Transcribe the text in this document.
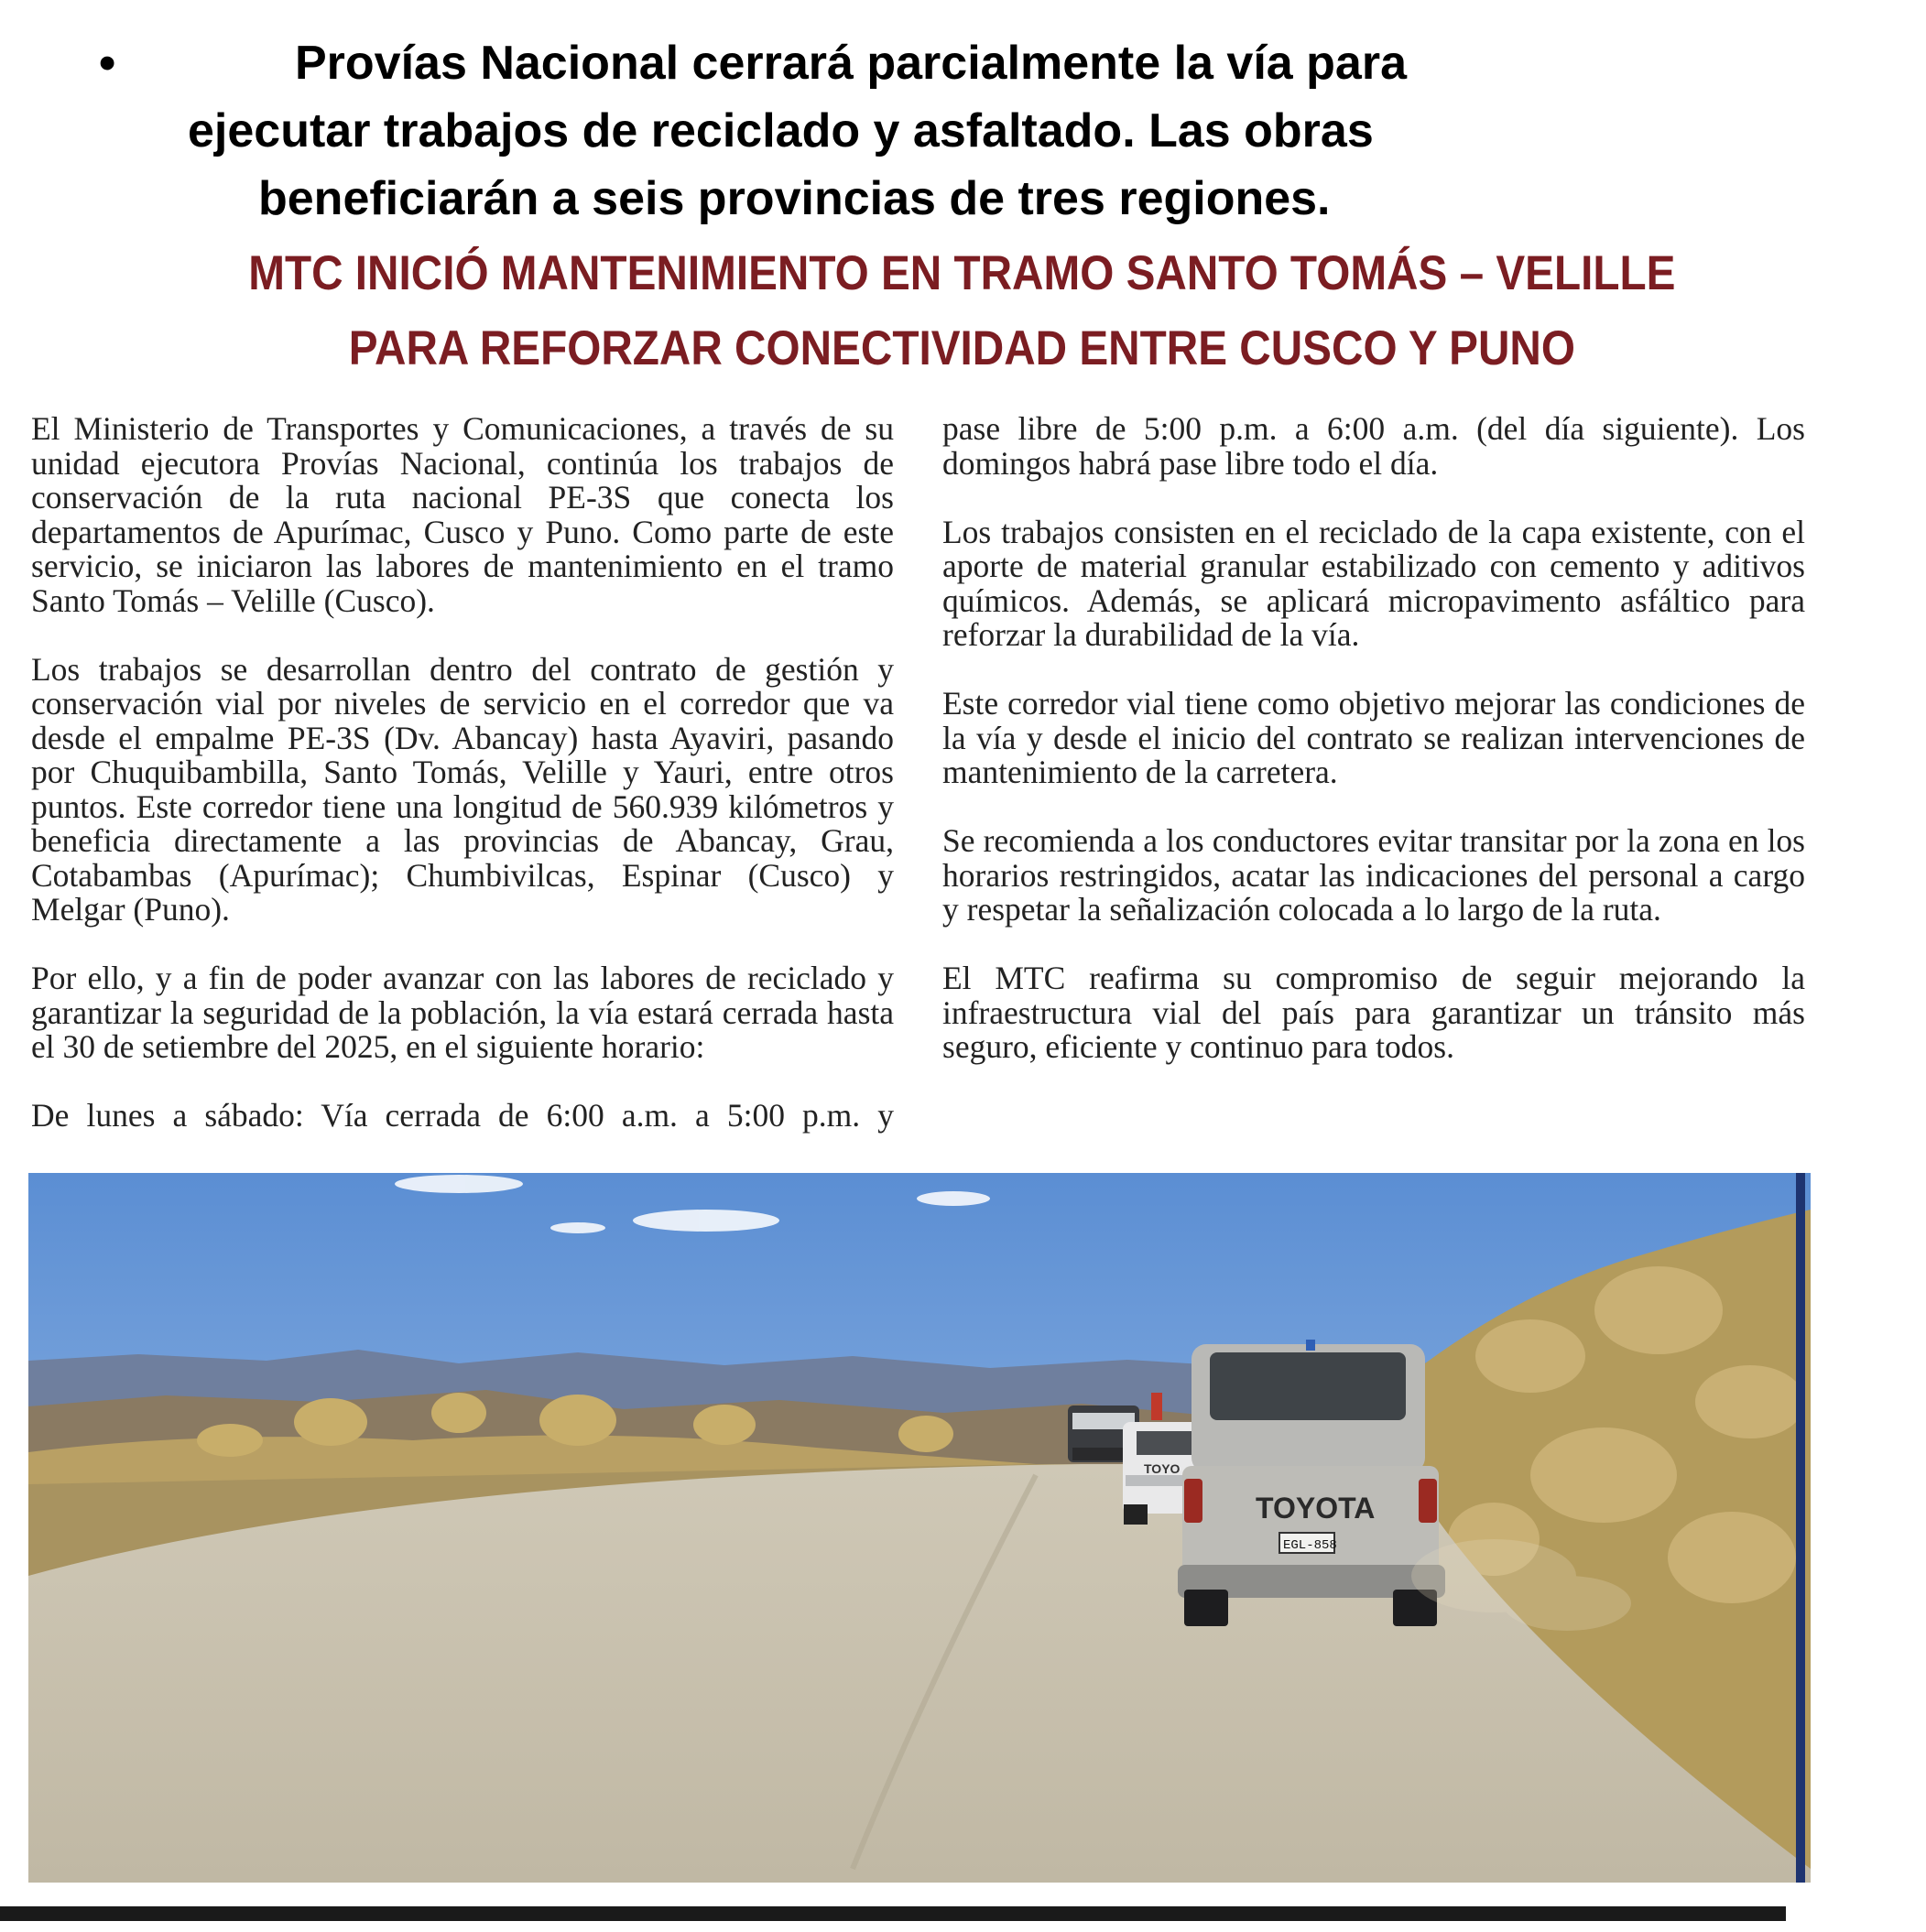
•	Provías Nacional cerrará parcialmente la vía para
ejecutar trabajos de reciclado y asfaltado. Las obras
beneficiarán a seis provincias de tres regiones.
MTC INICIÓ MANTENIMIENTO EN TRAMO SANTO TOMÁS – VELILLE
PARA REFORZAR CONECTIVIDAD ENTRE CUSCO Y PUNO

El Ministerio de Transportes y Comunicaciones, a través de su unidad ejecutora Provías Nacional, continúa los trabajos de conservación de la ruta nacional PE-3S que conecta los departamentos de Apurímac, Cusco y Puno. Como parte de este servicio, se iniciaron las labores de mantenimiento en el tramo Santo Tomás – Velille (Cusco).

Los trabajos se desarrollan dentro del contrato de gestión y conservación vial por niveles de servicio en el corredor que va desde el empalme PE-3S (Dv. Abancay) hasta Ayaviri, pasando por Chuquibambilla, Santo Tomás, Velille y Yauri, entre otros puntos. Este corredor tiene una longitud de 560.939 kilómetros y beneficia directamente a las provincias de Abancay, Grau, Cotabambas (Apurímac); Chumbivilcas, Espinar (Cusco) y Melgar (Puno).

Por ello, y a fin de poder avanzar con las labores de reciclado y garantizar la seguridad de la población, la vía estará cerrada hasta el 30 de setiembre del 2025, en el siguiente horario:

De lunes a sábado: Vía cerrada de 6:00 a.m. a 5:00 p.m. y

pase libre de 5:00 p.m. a 6:00 a.m. (del día siguiente). Los domingos habrá pase libre todo el día.

Los trabajos consisten en el reciclado de la capa existente, con el aporte de material granular estabilizado con cemento y aditivos químicos. Además, se aplicará micropavimento asfáltico para reforzar la durabilidad de la vía.

Este corredor vial tiene como objetivo mejorar las condiciones de la vía y desde el inicio del contrato se realizan intervenciones de mantenimiento de la carretera.

Se recomienda a los conductores evitar transitar por la zona en los horarios restringidos, acatar las indicaciones del personal a cargo y respetar la señalización colocada a lo largo de la ruta.

El MTC reafirma su compromiso de seguir mejorando la infraestructura vial del país para garantizar un tránsito más seguro, eficiente y continuo para todos.

TOYO
TOYOTA
EGL-858
